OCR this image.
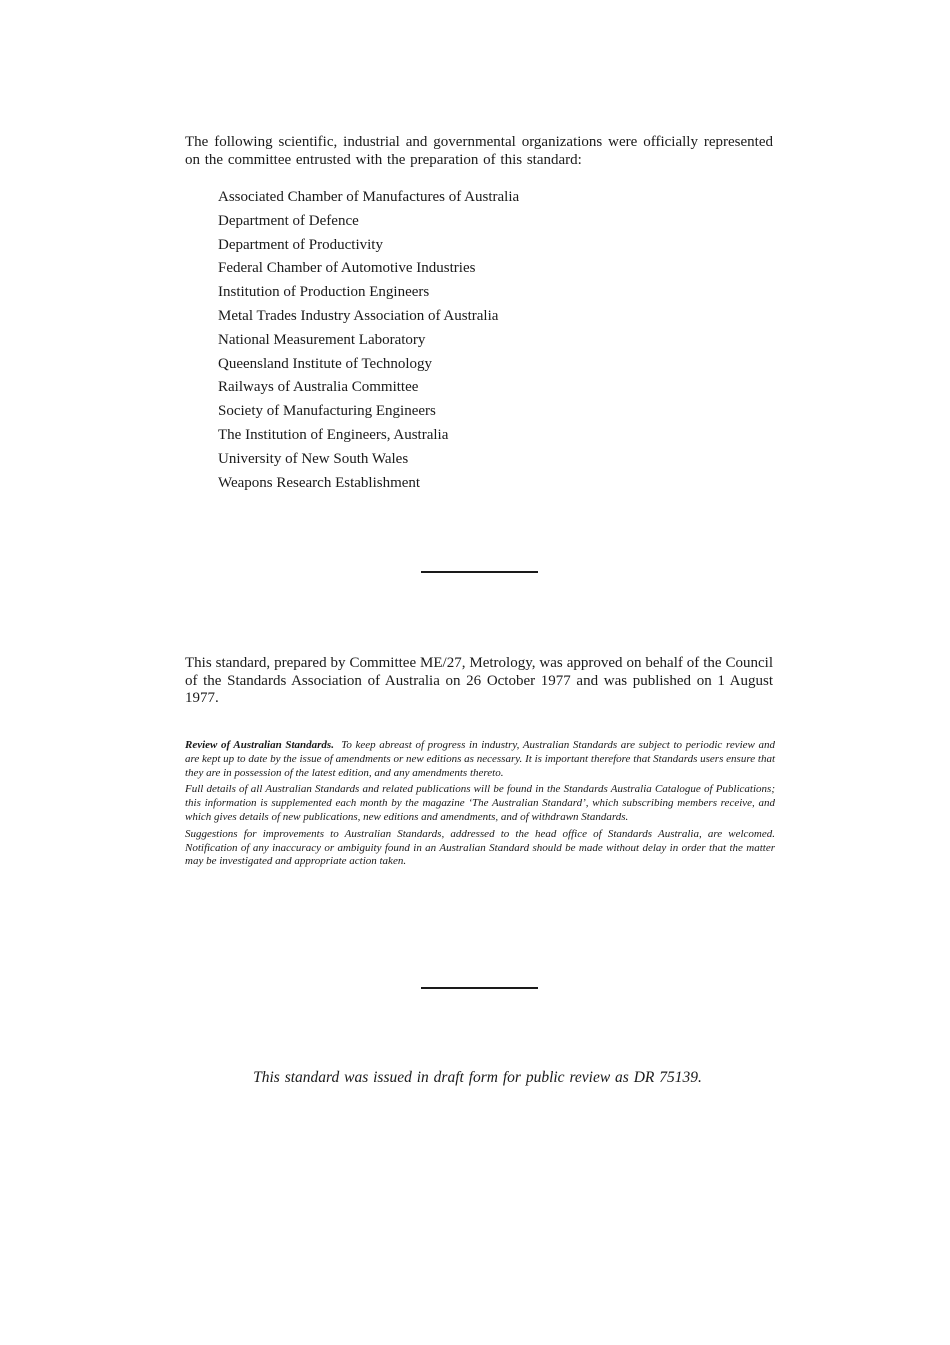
The following scientific, industrial and governmental organizations were officially represented on the committee entrusted with the preparation of this standard:

Associated Chamber of Manufactures of Australia
Department of Defence
Department of Productivity
Federal Chamber of Automotive Industries
Institution of Production Engineers
Metal Trades Industry Association of Australia
National Measurement Laboratory
Queensland Institute of Technology
Railways of Australia Committee
Society of Manufacturing Engineers
The Institution of Engineers, Australia
University of New South Wales
Weapons Research Establishment

This standard, prepared by Committee ME/27, Metrology, was approved on behalf of the Council of the Standards Association of Australia on 26 October 1977 and was published on 1 August 1977.

Review of Australian Standards. To keep abreast of progress in industry, Australian Standards are subject to periodic review and are kept up to date by the issue of amendments or new editions as necessary. It is important therefore that Standards users ensure that they are in possession of the latest edition, and any amendments thereto.

Full details of all Australian Standards and related publications will be found in the Standards Australia Catalogue of Publications; this information is supplemented each month by the magazine ‘The Australian Standard’, which subscribing members receive, and which gives details of new publications, new editions and amendments, and of withdrawn Standards.

Suggestions for improvements to Australian Standards, addressed to the head office of Standards Australia, are welcomed. Notification of any inaccuracy or ambiguity found in an Australian Standard should be made without delay in order that the matter may be investigated and appropriate action taken.

This standard was issued in draft form for public review as DR 75139.
